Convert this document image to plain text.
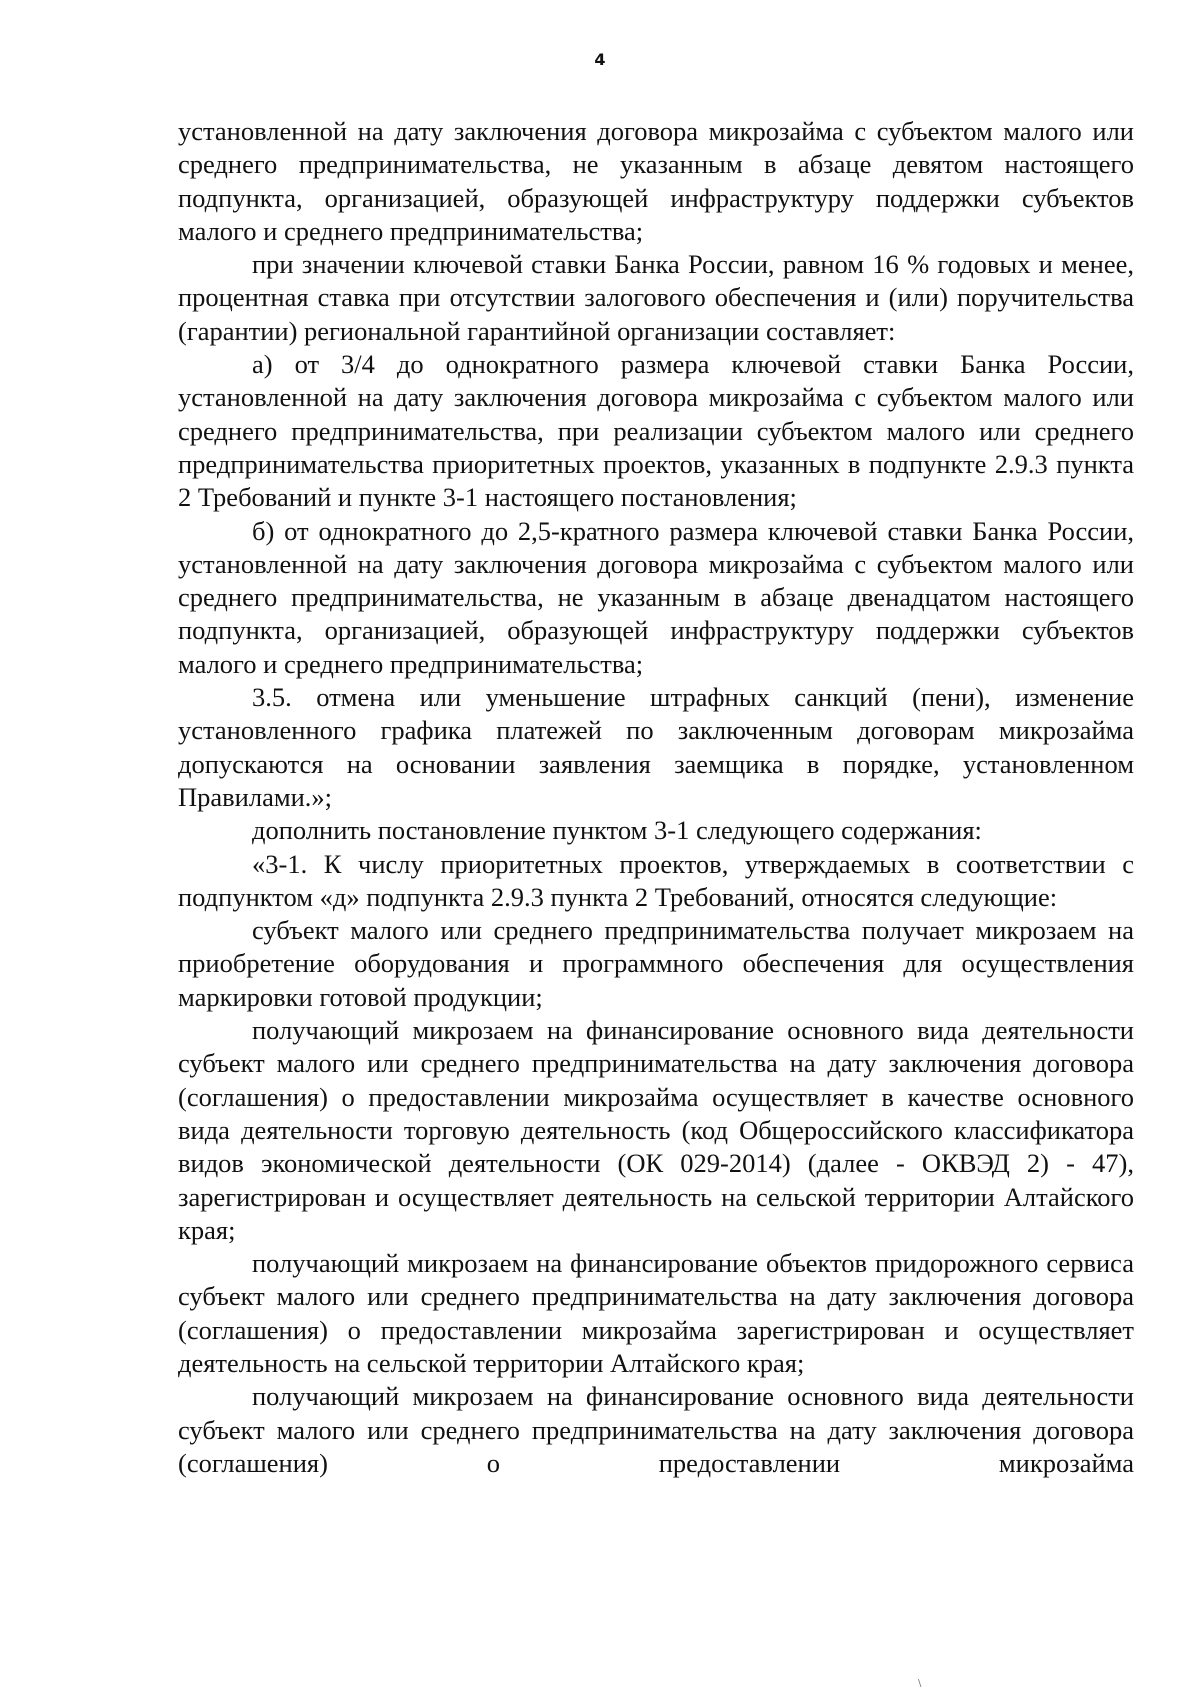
4

установленной на дату заключения договора микрозайма с субъектом малого или среднего предпринимательства, не указанным в абзаце девятом настоящего подпункта, организацией, образующей инфраструктуру поддержки субъектов малого и среднего предпринимательства;

при значении ключевой ставки Банка России, равном 16 % годовых и менее, процентная ставка при отсутствии залогового обеспечения и (или) поручительства (гарантии) региональной гарантийной организации составляет:

а) от 3/4 до однократного размера ключевой ставки Банка России, установленной на дату заключения договора микрозайма с субъектом малого или среднего предпринимательства, при реализации субъектом малого или среднего предпринимательства приоритетных проектов, указанных в подпункте 2.9.3 пункта 2 Требований и пункте 3-1 настоящего постановления;

б) от однократного до 2,5-кратного размера ключевой ставки Банка России, установленной на дату заключения договора микрозайма с субъектом малого или среднего предпринимательства, не указанным в абзаце двенадцатом настоящего подпункта, организацией, образующей инфраструктуру поддержки субъектов малого и среднего предпринимательства;

3.5. отмена или уменьшение штрафных санкций (пени), изменение установленного графика платежей по заключенным договорам микрозайма допускаются на основании заявления заемщика в порядке, установленном Правилами.»;

дополнить постановление пунктом 3-1 следующего содержания:

«3-1. К числу приоритетных проектов, утверждаемых в соответствии с подпунктом «д» подпункта 2.9.3 пункта 2 Требований, относятся следующие:

субъект малого или среднего предпринимательства получает микрозаем на приобретение оборудования и программного обеспечения для осуществления маркировки готовой продукции;

получающий микрозаем на финансирование основного вида деятельности субъект малого или среднего предпринимательства на дату заключения договора (соглашения) о предоставлении микрозайма осуществляет в качестве основного вида деятельности торговую деятельность (код Общероссийского классификатора видов экономической деятельности (ОК 029-2014) (далее - ОКВЭД 2) - 47), зарегистрирован и осуществляет деятельность на сельской территории Алтайского края;

получающий микрозаем на финансирование объектов придорожного сервиса субъект малого или среднего предпринимательства на дату заключения договора (соглашения) о предоставлении микрозайма зарегистрирован и осуществляет деятельность на сельской территории Алтайского края;

получающий микрозаем на финансирование основного вида деятельности субъект малого или среднего предпринимательства на дату заключения договора (соглашения) о предоставлении микрозайма

\
